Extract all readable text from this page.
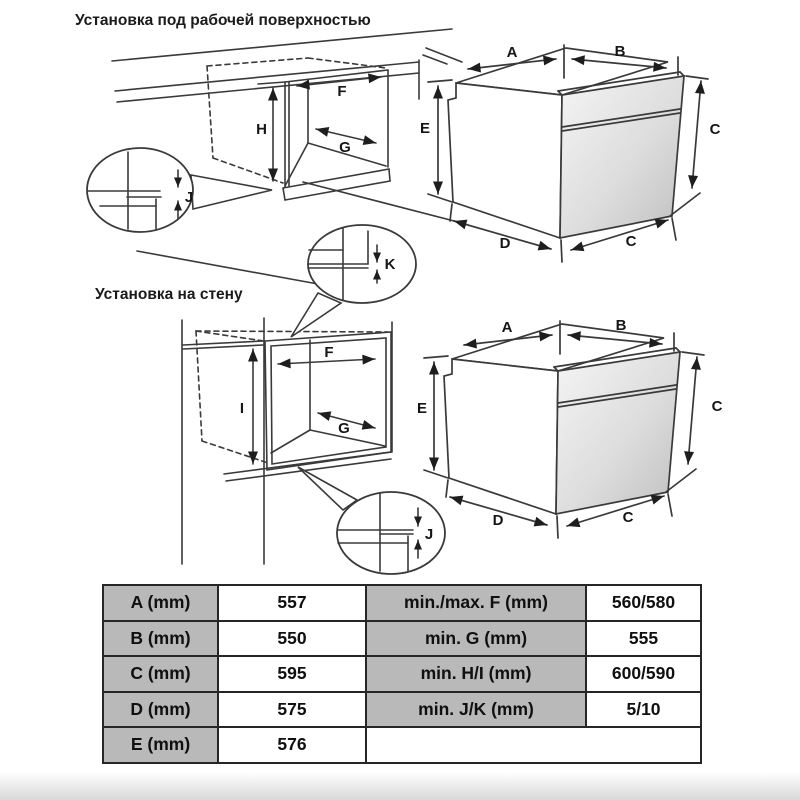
Установка под рабочей поверхностью
Установка на стену
H
F
G
J
A	B
E	C
D	C
I
F
G
K
J
A	B
E	C
D	C
A (mm)	557	min./max. F (mm)	560/580
B (mm)	550	min. G (mm)	555
C (mm)	595	min. H/I (mm)	600/590
D (mm)	575	min. J/K (mm)	5/10
E (mm)	576		
